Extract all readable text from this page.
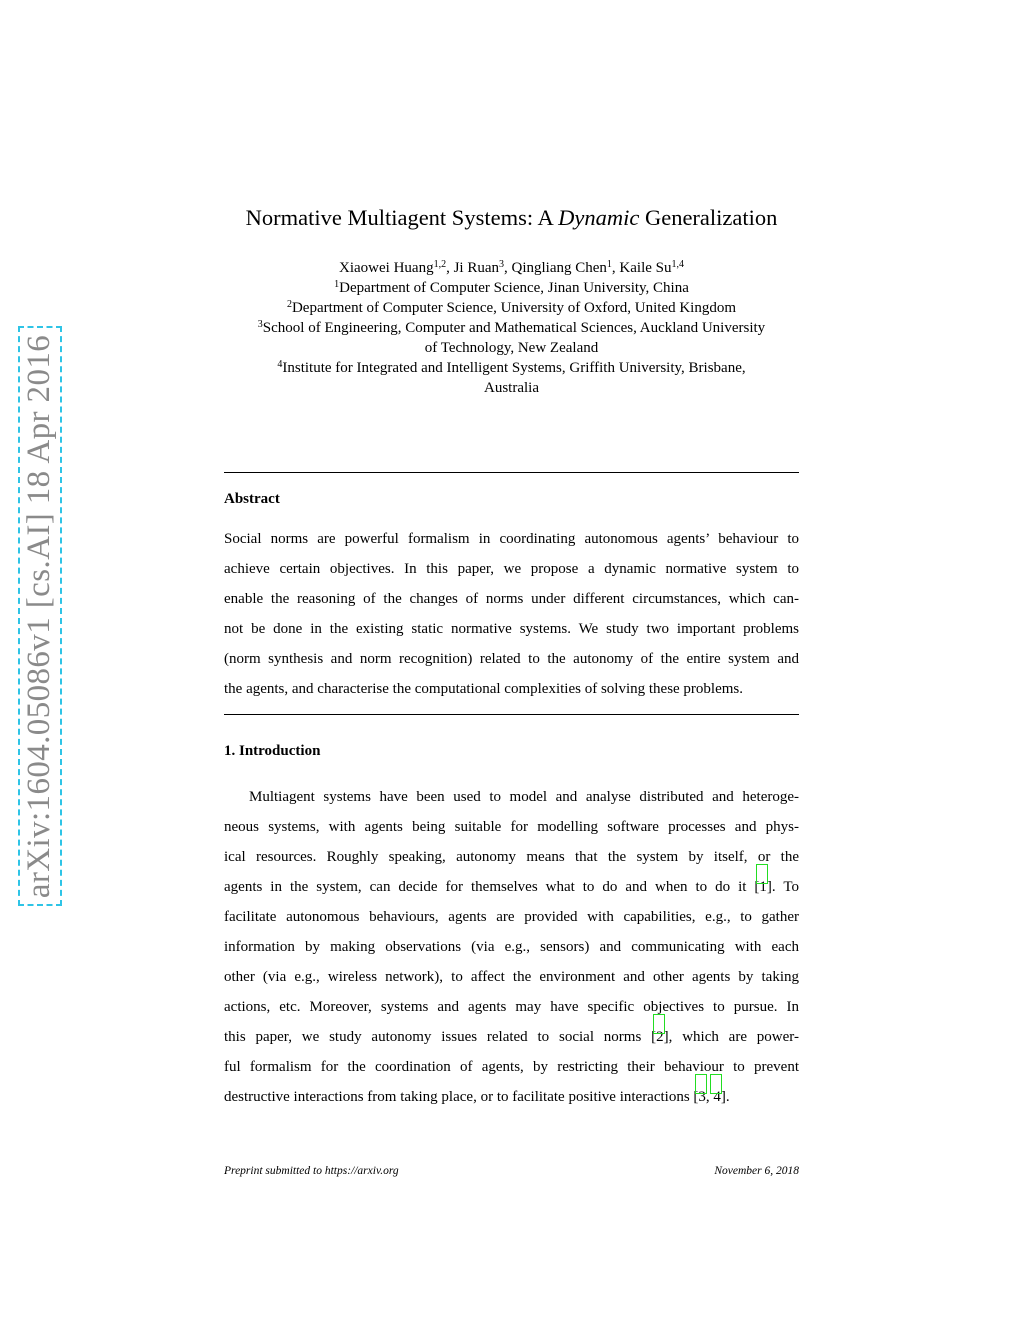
arXiv:1604.05086v1 [cs.AI] 18 Apr 2016
Normative Multiagent Systems: A Dynamic Generalization
Xiaowei Huang$^{1,2}$, Ji Ruan$^3$, Qingliang Chen$^1$, Kaile Su$^{1,4}$
$^1$Department of Computer Science, Jinan University, China
$^2$Department of Computer Science, University of Oxford, United Kingdom
$^3$School of Engineering, Computer and Mathematical Sciences, Auckland University
of Technology, New Zealand
$^4$Institute for Integrated and Intelligent Systems, Griffith University, Brisbane,
Australia
Abstract
Social norms are powerful formalism in coordinating autonomous agents’ behaviour to
achieve certain objectives. In this paper, we propose a dynamic normative system to
enable the reasoning of the changes of norms under different circumstances, which can-
not be done in the existing static normative systems. We study two important problems
(norm synthesis and norm recognition) related to the autonomy of the entire system and
the agents, and characterise the computational complexities of solving these problems.
1. Introduction
Multiagent systems have been used to model and analyse distributed and heteroge-
neous systems, with agents being suitable for modelling software processes and phys-
ical resources. Roughly speaking, autonomy means that the system by itself, or the
agents in the system, can decide for themselves what to do and when to do it [1
]. To
facilitate autonomous behaviours, agents are provided with capabilities, e.g., to gather
information by making observations (via e.g., sensors) and communicating with each
other (via e.g., wireless network), to affect the environment and other agents by taking
actions, etc. Moreover, systems and agents may have specific objectives to pursue. In
this paper, we study autonomy issues related to social norms [2
], which are power-
ful formalism for the coordination of agents, by restricting their behaviour to prevent
destructive interactions from taking place, or to facilitate positive interactions [3
, 4
].
Preprint submitted to https://arxiv.org	November 6, 2018
